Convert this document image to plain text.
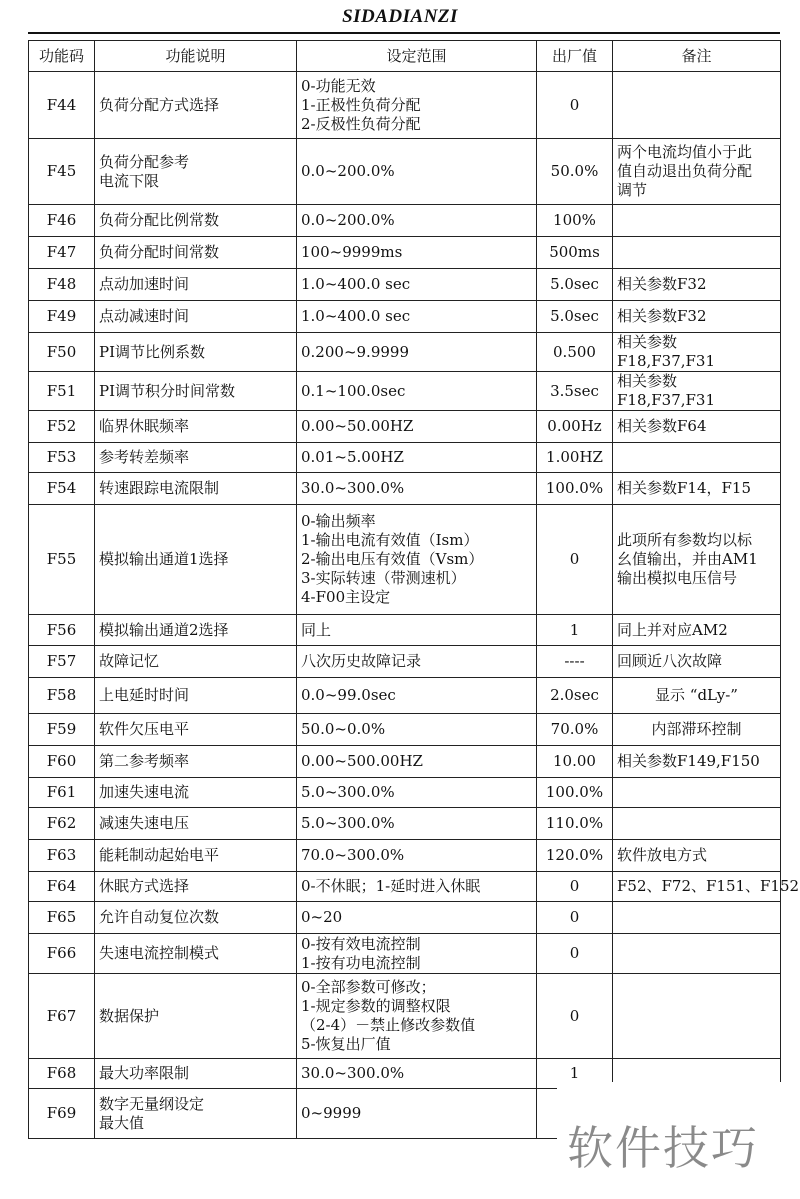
SIDADIANZI
功能码	功能说明	设定范围	出厂值	备注
F44	负荷分配方式选择	0-功能无效
1-正极性负荷分配
2-反极性负荷分配	0	
F45	负荷分配参考
电流下限	0.0~200.0%	50.0%	两个电流均值小于此
值自动退出负荷分配
调节

F46	负荷分配比例常数	0.0~200.0%	100%	
F47	负荷分配时间常数	100~9999ms	500ms	
F48	点动加速时间	1.0~400.0 sec	5.0sec	相关参数F32

F49	点动减速时间	1.0~400.0 sec	5.0sec	相关参数F32

F50	PI调节比例系数	0.200~9.9999	0.500	相关参数
F18,F37,F31

F51	PI调节积分时间常数	0.1~100.0sec	3.5sec	相关参数
F18,F37,F31

F52	临界休眠频率	0.00~50.00HZ	0.00Hz	相关参数F64

F53	参考转差频率	0.01~5.00HZ	1.00HZ	
F54	转速跟踪电流限制	30.0~300.0%	100.0%	相关参数F14，F15

F55	模拟输出通道1选择	0-输出频率
1-输出电流有效值（Ism）
2-输出电压有效值（Vsm）
3-实际转速（带测速机）
4-F00主设定	0	此项所有参数均以标
幺值输出，并由AM1
输出模拟电压信号

F56	模拟输出通道2选择	同上	1	同上并对应AM2

F57	故障记忆	八次历史故障记录	----	回顾近八次故障

F58	上电延时时间	0.0~99.0sec	2.0sec	显示 “dLy-”

F59	软件欠压电平	50.0~0.0%	70.0%	内部滞环控制

F60	第二参考频率	0.00~500.00HZ	10.00	相关参数F149,F150

F61	加速失速电流	5.0~300.0%	100.0%	
F62	减速失速电压	5.0~300.0%	110.0%	
F63	能耗制动起始电平	70.0~300.0%	120.0%	软件放电方式

F64	休眠方式选择	0-不休眠；1-延时进入休眠	0	F52、F72、F151、F152

F65	允许自动复位次数	0~20	0	
F66	失速电流控制模式	0-按有效电流控制
1-按有功电流控制	0	
F67	数据保护	0-全部参数可修改；
1-规定参数的调整权限
（2-4）－禁止修改参数值
5-恢复出厂值	0	
F68	最大功率限制	30.0~300.0%	1	
F69	数字无量纲设定
最大值	0~9999

软件技巧
